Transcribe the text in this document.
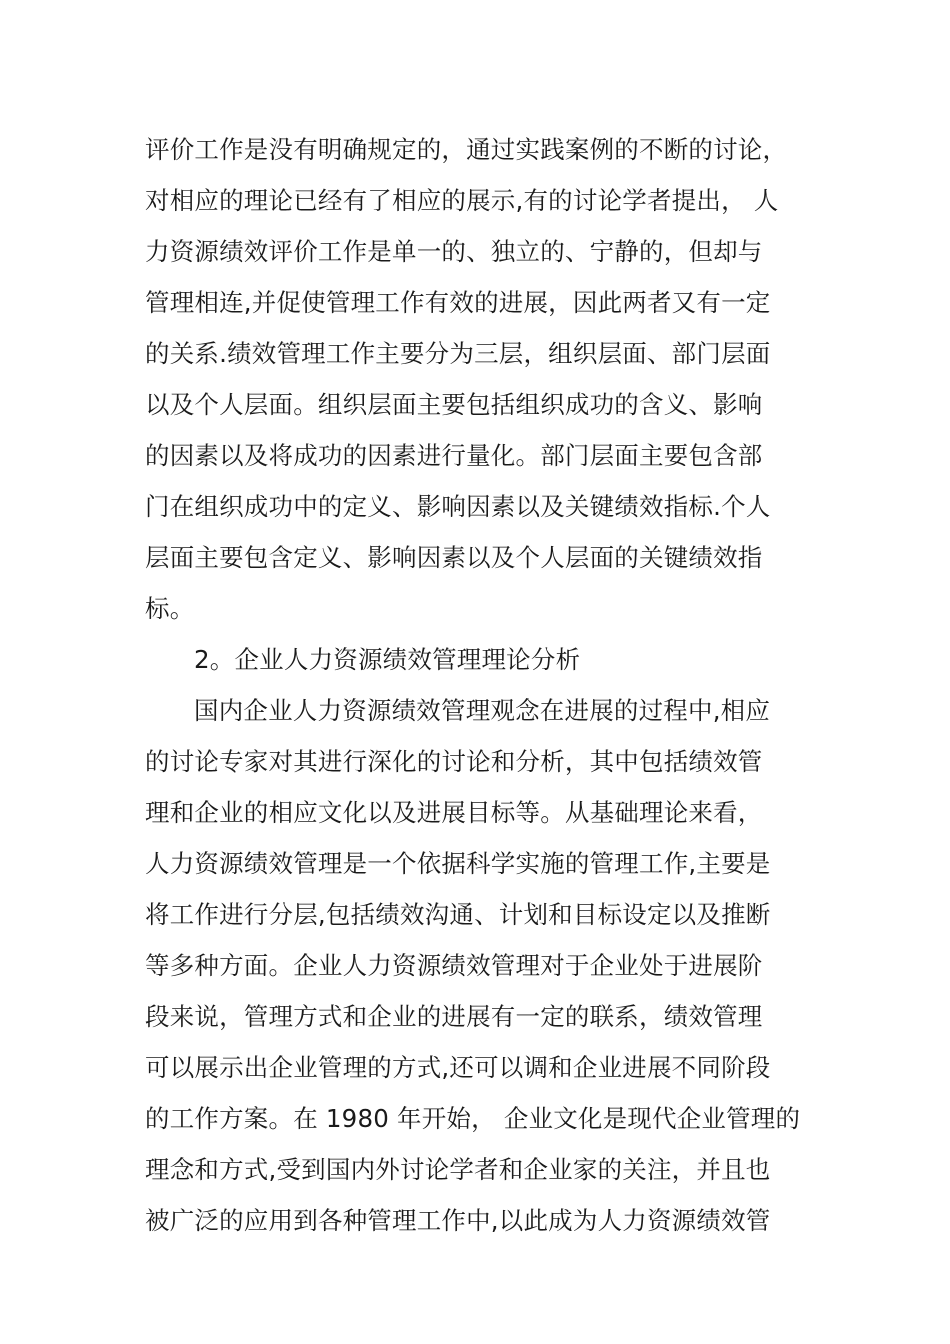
评价工作是没有明确规定的，通过实践案例的不断的讨论，
对相应的理论已经有了相应的展示,有的讨论学者提出， 人
力资源绩效评价工作是单一的、独立的、宁静的，但却与
管理相连,并促使管理工作有效的进展，因此两者又有一定
的关系.绩效管理工作主要分为三层，组织层面、部门层面
以及个人层面。组织层面主要包括组织成功的含义、影响
的因素以及将成功的因素进行量化。部门层面主要包含部
门在组织成功中的定义、影响因素以及关键绩效指标.个人
层面主要包含定义、影响因素以及个人层面的关键绩效指
标。
2。企业人力资源绩效管理理论分析
国内企业人力资源绩效管理观念在进展的过程中,相应
的讨论专家对其进行深化的讨论和分析，其中包括绩效管
理和企业的相应文化以及进展目标等。从基础理论来看，
人力资源绩效管理是一个依据科学实施的管理工作,主要是
将工作进行分层,包括绩效沟通、计划和目标设定以及推断
等多种方面。企业人力资源绩效管理对于企业处于进展阶
段来说，管理方式和企业的进展有一定的联系，绩效管理
可以展示出企业管理的方式,还可以调和企业进展不同阶段
的工作方案。在 1980 年开始， 企业文化是现代企业管理的
理念和方式,受到国内外讨论学者和企业家的关注，并且也
被广泛的应用到各种管理工作中,以此成为人力资源绩效管
